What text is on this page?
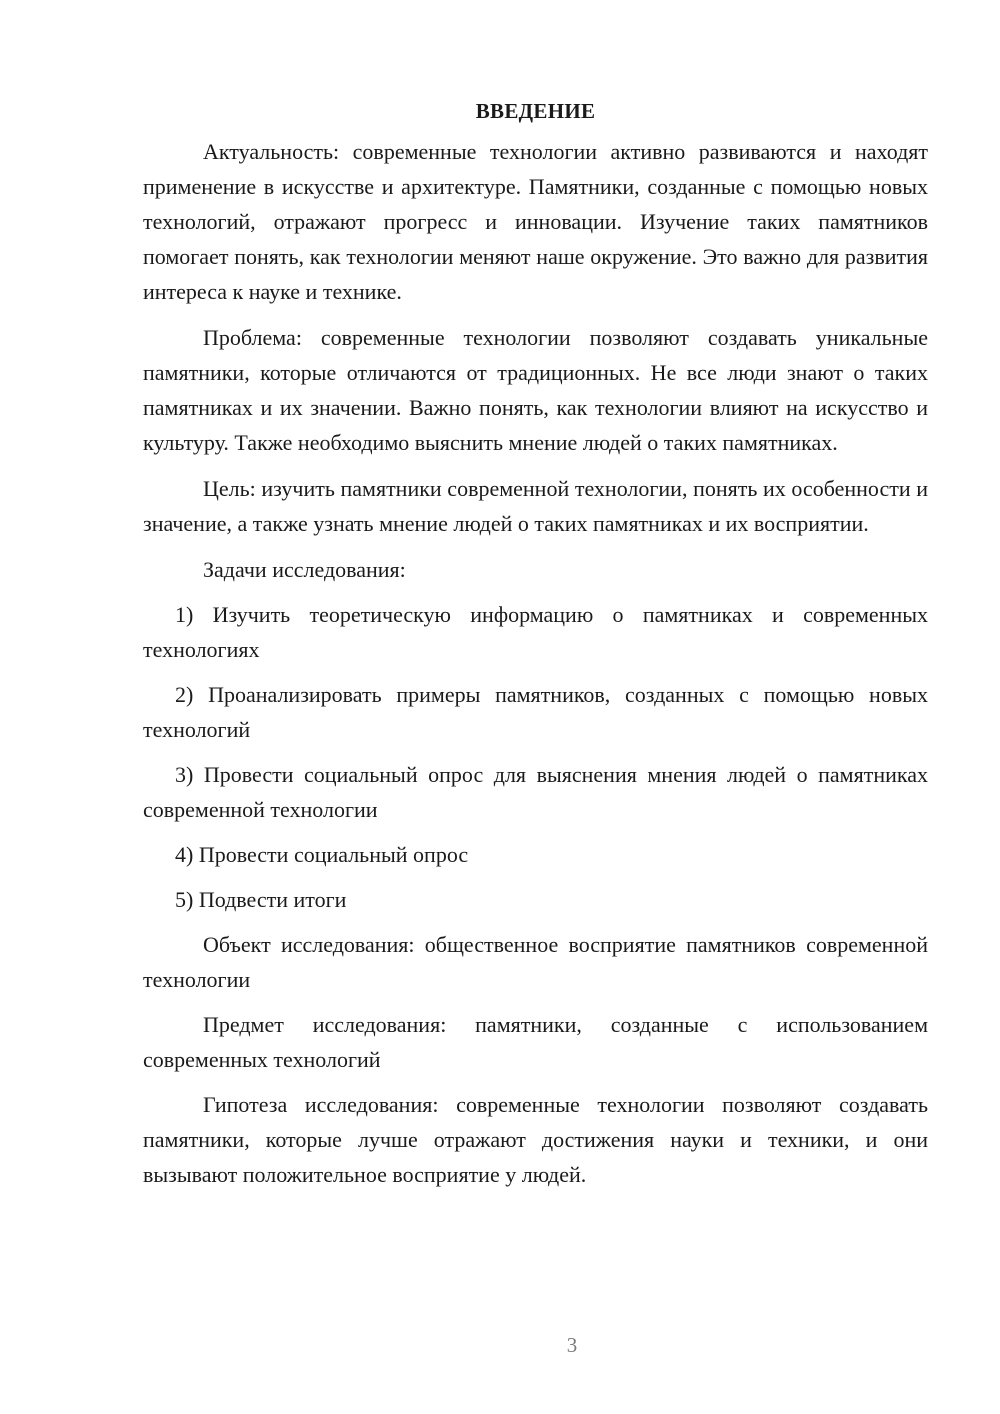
ВВЕДЕНИЕ

Актуальность: современные технологии активно развиваются и находят применение в искусстве и архитектуре. Памятники, созданные с помощью новых технологий, отражают прогресс и инновации. Изучение таких памятников помогает понять, как технологии меняют наше окружение. Это важно для развития интереса к науке и технике.

Проблема: современные технологии позволяют создавать уникальные памятники, которые отличаются от традиционных. Не все люди знают о таких памятниках и их значении. Важно понять, как технологии влияют на искусство и культуру. Также необходимо выяснить мнение людей о таких памятниках.

Цель: изучить памятники современной технологии, понять их особенности и значение, а также узнать мнение людей о таких памятниках и их восприятии.

Задачи исследования:

1) Изучить теоретическую информацию о памятниках и современных технологиях

2) Проанализировать примеры памятников, созданных с помощью новых технологий

3) Провести социальный опрос для выяснения мнения людей о памятниках современной технологии

4) Провести социальный опрос

5) Подвести итоги

Объект исследования: общественное восприятие памятников современной технологии

Предмет исследования: памятники, созданные с использованием современных технологий

Гипотеза исследования: современные технологии позволяют создавать памятники, которые лучше отражают достижения науки и техники, и они вызывают положительное восприятие у людей.

3
